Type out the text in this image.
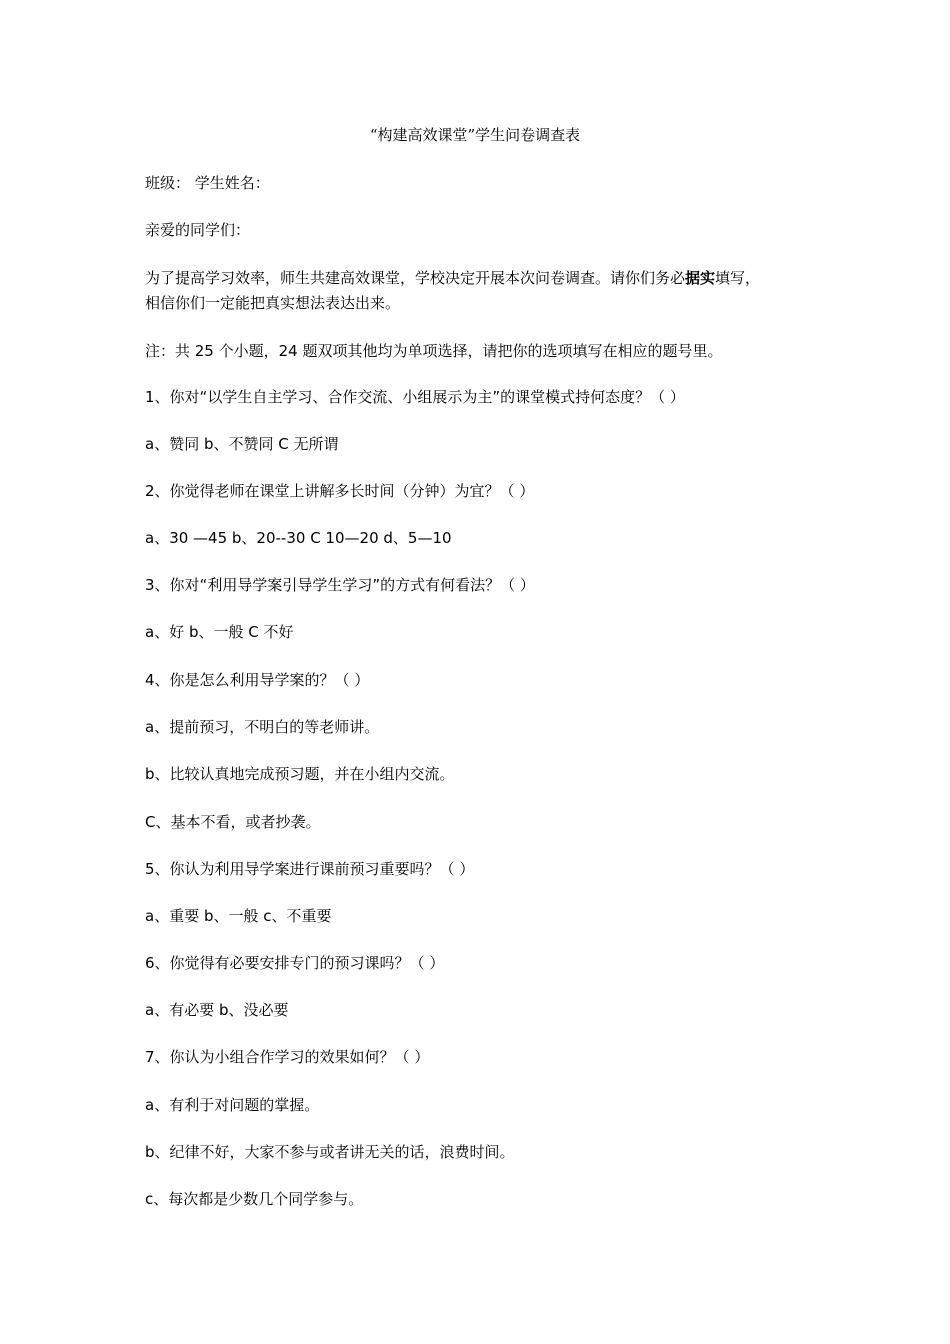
“构建高效课堂”学生问卷调查表
班级： 学生姓名：
亲爱的同学们：
为了提高学习效率，师生共建高效课堂，学校决定开展本次问卷调查。请你们务必据实填写，
相信你们一定能把真实想法表达出来。
注：共 25 个小题，24 题双项其他均为单项选择，请把你的选项填写在相应的题号里。
1、你对“以学生自主学习、合作交流、小组展示为主”的课堂模式持何态度？（ ）
a、赞同 b、不赞同 C 无所谓
2、你觉得老师在课堂上讲解多长时间（分钟）为宜？（ ）
a、30 —45 b、20--30 C 10—20 d、5—10
3、你对“利用导学案引导学生学习”的方式有何看法？（ ）
a、好 b、一般 C 不好
4、你是怎么利用导学案的？（ ）
a、提前预习，不明白的等老师讲。
b、比较认真地完成预习题，并在小组内交流。
C、基本不看，或者抄袭。
5、你认为利用导学案进行课前预习重要吗？（ ）
a、重要 b、一般 c、不重要
6、你觉得有必要安排专门的预习课吗？（ ）
a、有必要 b、没必要
7、你认为小组合作学习的效果如何？（ ）
a、有利于对问题的掌握。
b、纪律不好，大家不参与或者讲无关的话，浪费时间。
c、每次都是少数几个同学参与。
